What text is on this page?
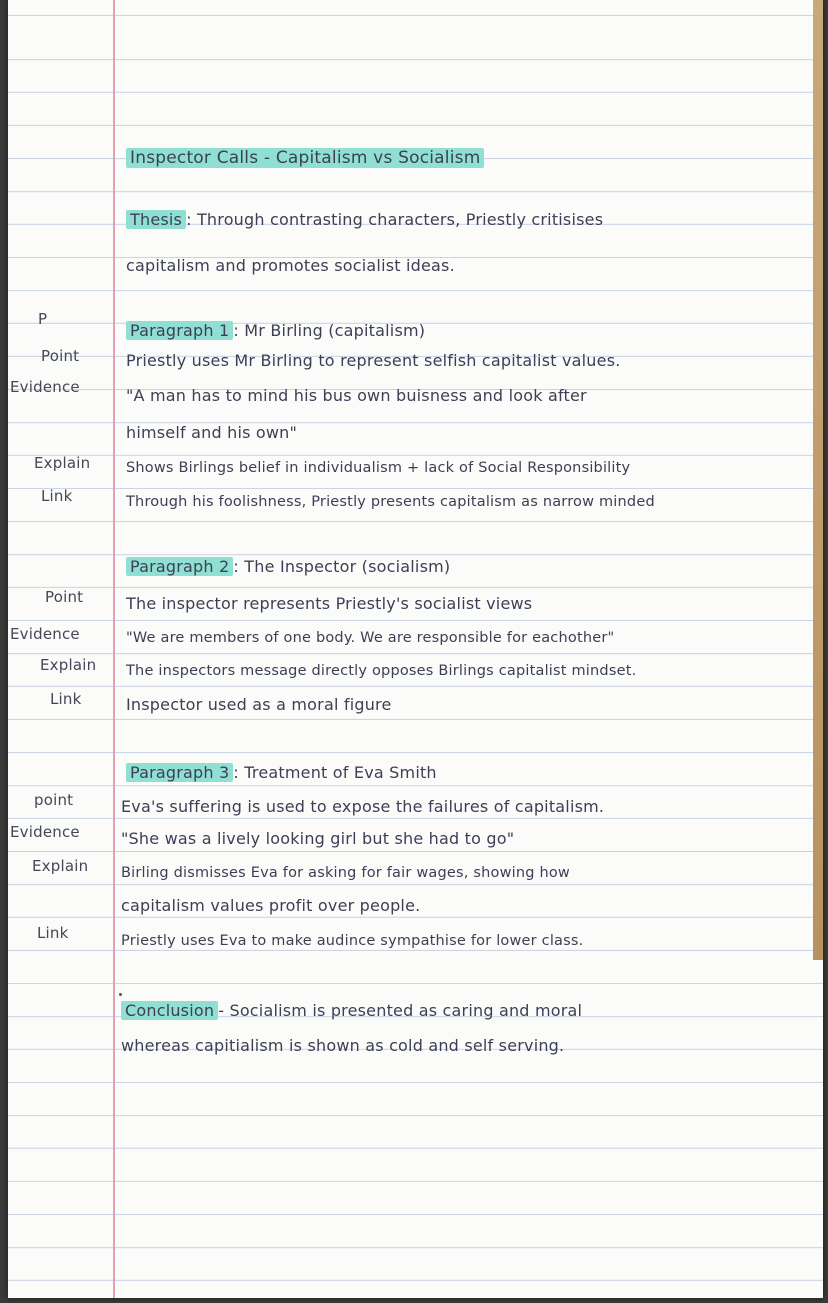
Inspector Calls - Capitalism vs Socialism
Thesis : Through contrasting characters, Priestly critisises
capitalism and promotes socialist ideas.
P
Paragraph 1 : Mr Birling (capitalism)
Point	Priestly uses Mr Birling to represent selfish capitalist values.
Evidence	"A man has to mind his bus own buisness and look after
himself and his own"
Explain Shows Birlings belief in individualism + lack of Social Responsibility
Link	Through his foolishness, Priestly presents capitalism as narrow minded
Paragraph 2 : The Inspector (socialism)
Point	The inspector represents Priestly's socialist views
Evidence	"We are members of one body. We are responsible for eachother"
Explain The inspectors message directly opposes Birlings capitalist mindset.
Link	Inspector used as a moral figure
Paragraph 3 : Treatment of Eva Smith
point	Eva's suffering is used to expose the failures of capitalism.
Evidence	"She was a lively looking girl but she had to go"
Explain Birling dismisses Eva for asking for fair wages, showing how
capitalism values profit over people.
Link	Priestly uses Eva to make audince sympathise for lower class.
Conclusion - Socialism is presented as caring and moral
whereas capitialism is shown as cold and self serving.
